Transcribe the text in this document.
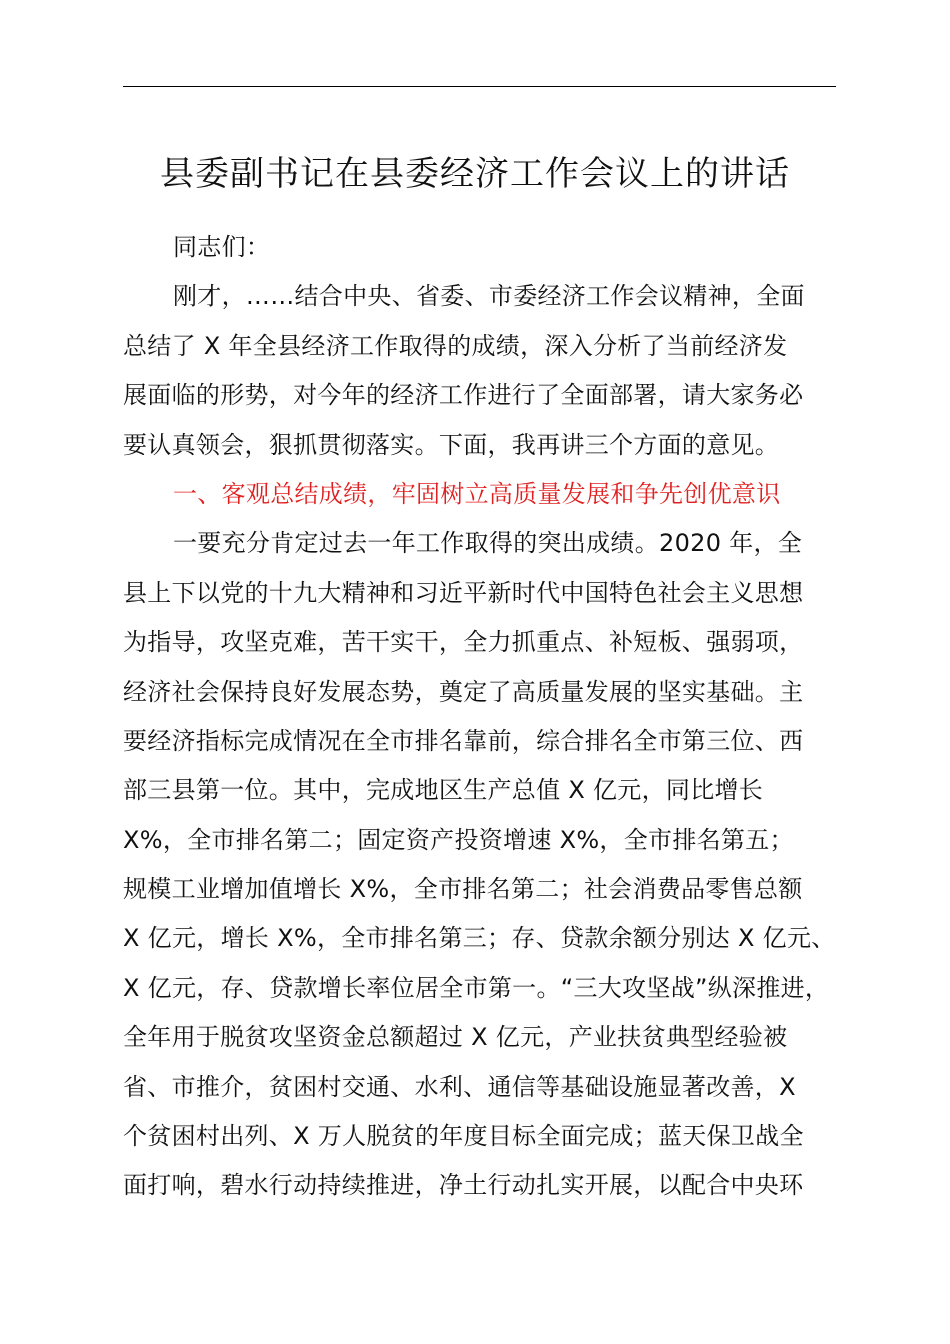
县委副书记在县委经济工作会议上的讲话
同志们：
刚才，……结合中央、省委、市委经济工作会议精神，全面
总结了 X 年全县经济工作取得的成绩，深入分析了当前经济发
展面临的形势，对今年的经济工作进行了全面部署，请大家务必
要认真领会，狠抓贯彻落实。下面，我再讲三个方面的意见。
一、客观总结成绩，牢固树立高质量发展和争先创优意识
一要充分肯定过去一年工作取得的突出成绩。2020 年，全
县上下以党的十九大精神和习近平新时代中国特色社会主义思想
为指导，攻坚克难，苦干实干，全力抓重点、补短板、强弱项，
经济社会保持良好发展态势，奠定了高质量发展的坚实基础。主
要经济指标完成情况在全市排名靠前，综合排名全市第三位、西
部三县第一位。其中，完成地区生产总值 X 亿元，同比增长
X%，全市排名第二；固定资产投资增速 X%，全市排名第五；
规模工业增加值增长 X%，全市排名第二；社会消费品零售总额
X 亿元，增长 X%，全市排名第三；存、贷款余额分别达 X 亿元、
X 亿元，存、贷款增长率位居全市第一。“三大攻坚战”纵深推进，
全年用于脱贫攻坚资金总额超过 X 亿元，产业扶贫典型经验被
省、市推介，贫困村交通、水利、通信等基础设施显著改善，X
个贫困村出列、X 万人脱贫的年度目标全面完成；蓝天保卫战全
面打响，碧水行动持续推进，净土行动扎实开展，以配合中央环
